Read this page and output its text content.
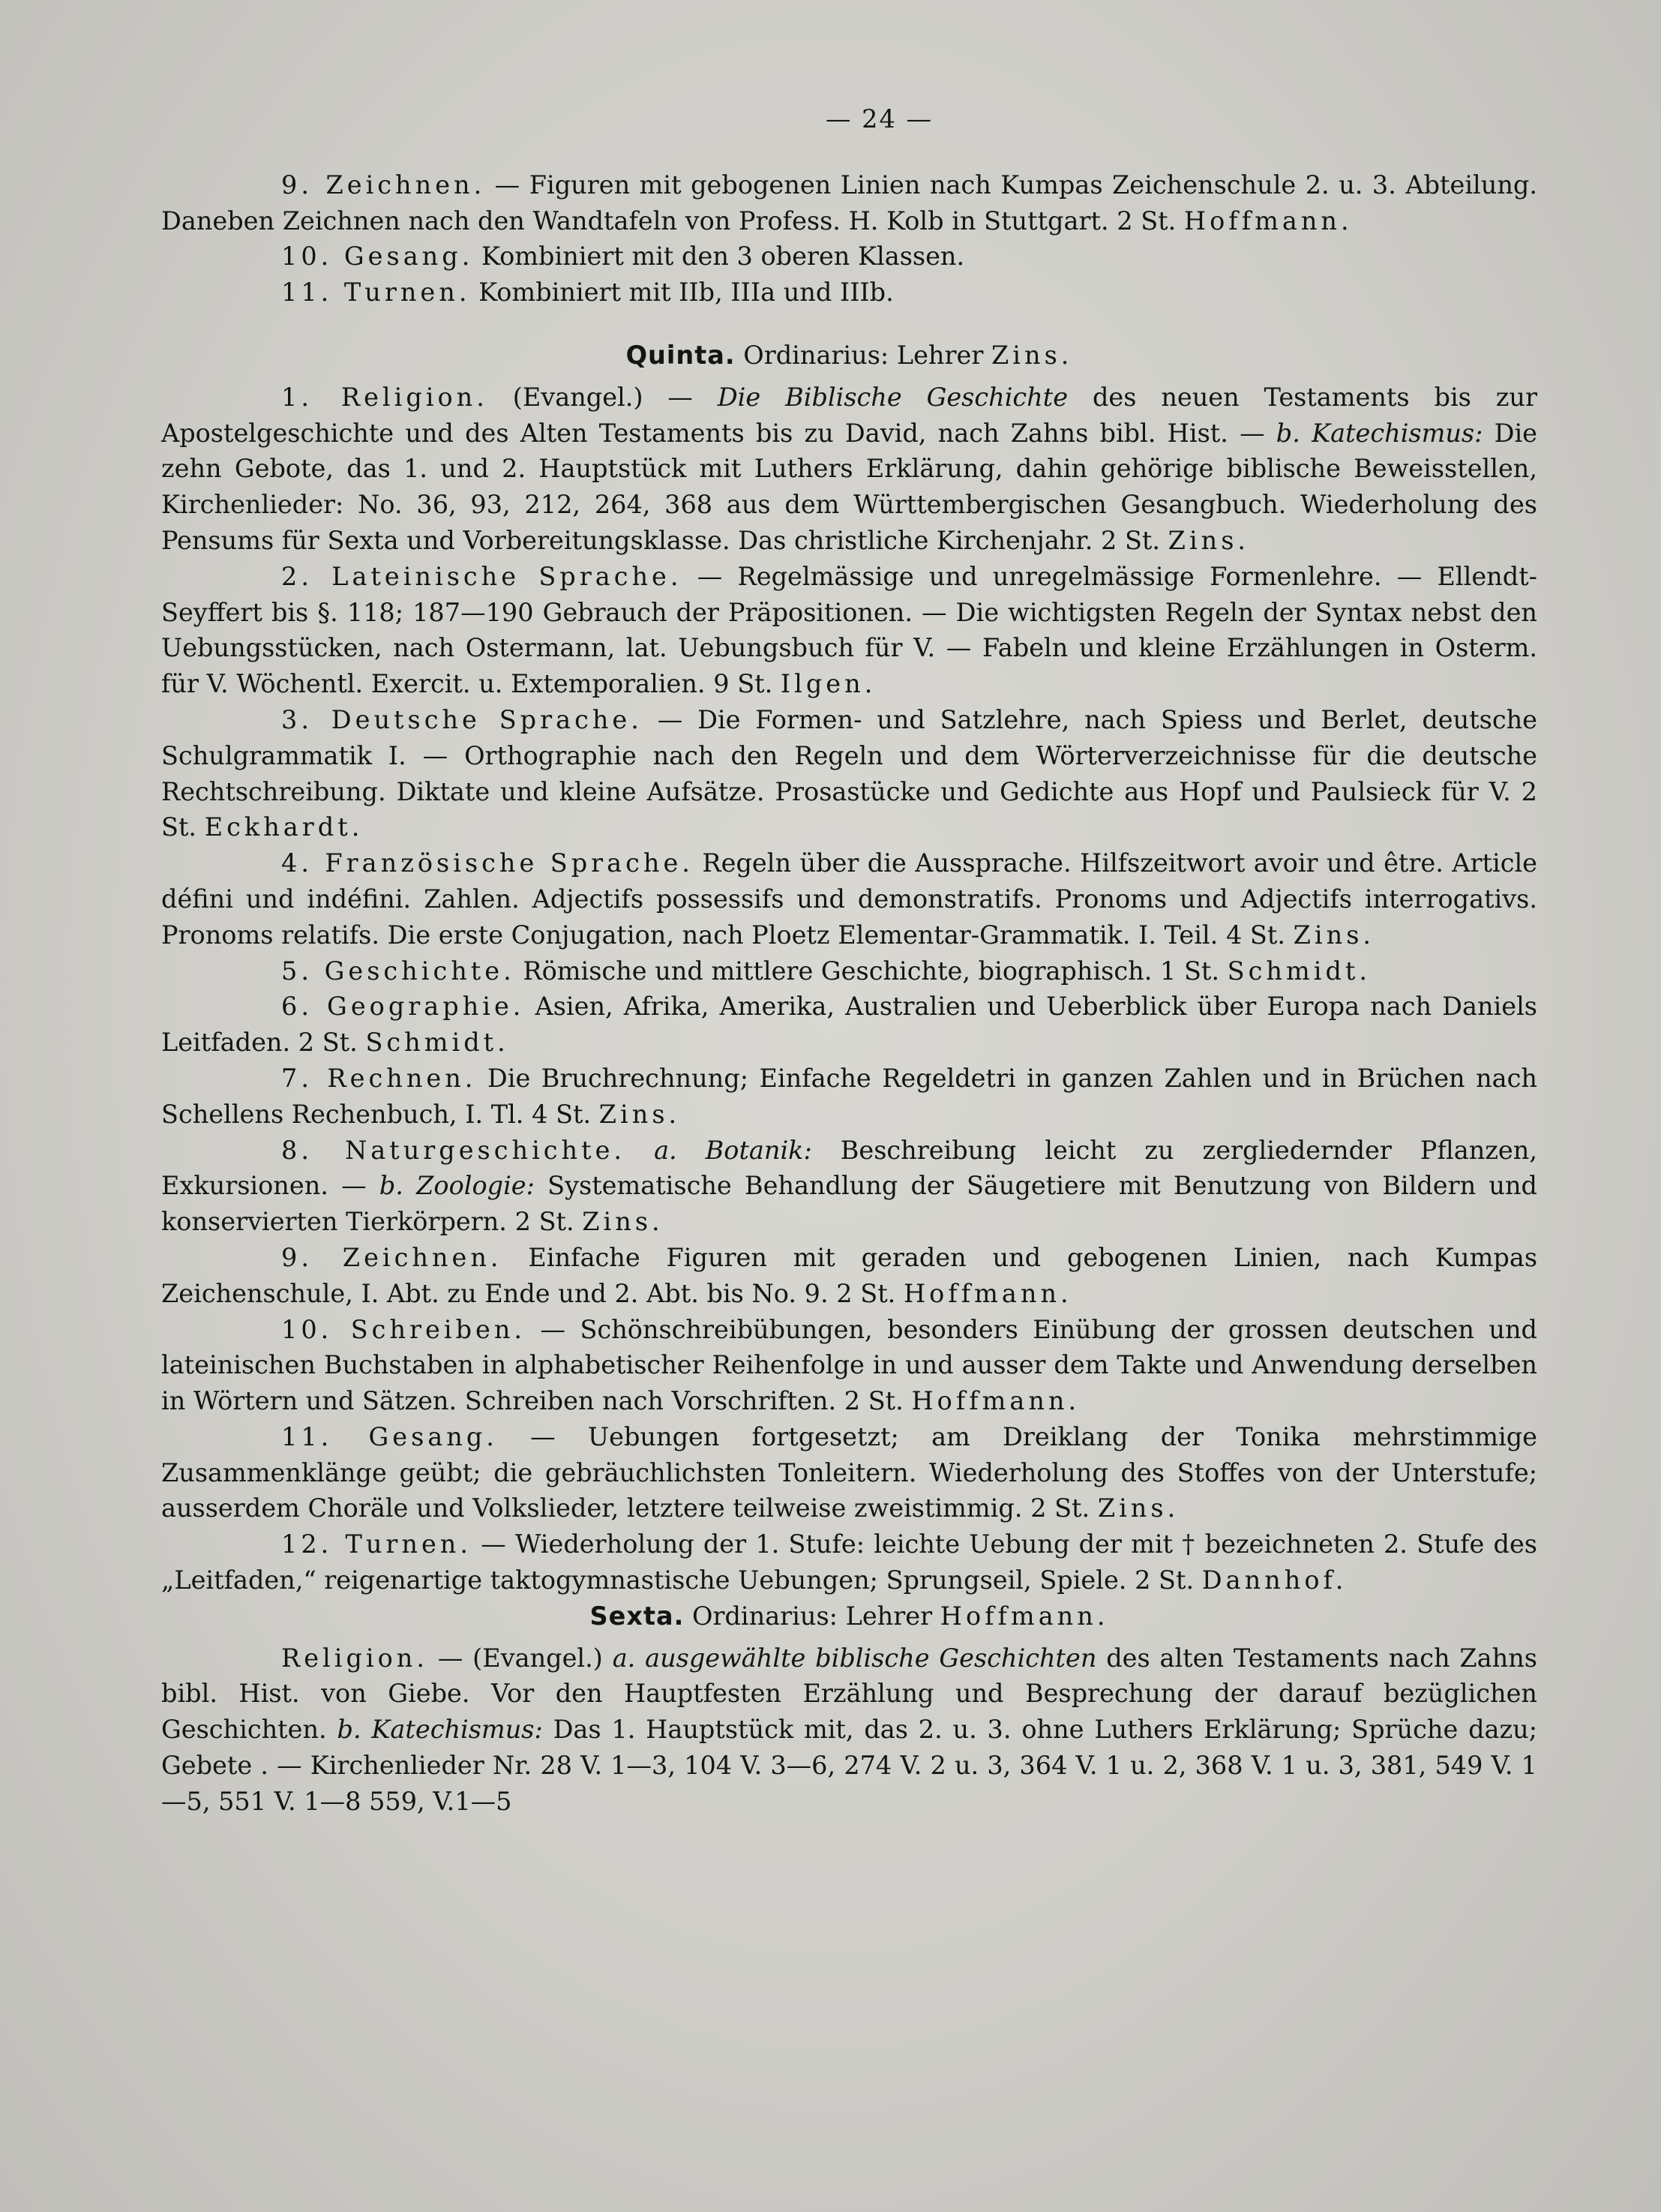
— 24 —

9. Zeichnen. — Figuren mit gebogenen Linien nach Kumpas Zeichenschule 2. u. 3. Abteilung. Daneben Zeichnen nach den Wandtafeln von Profess. H. Kolb in Stuttgart. 2 St. Hoffmann.

10. Gesang. Kombiniert mit den 3 oberen Klassen.

11. Turnen. Kombiniert mit IIb, IIIa und IIIb.

Quinta. Ordinarius: Lehrer Zins.

1. Religion. (Evangel.) — Die Biblische Geschichte des neuen Testaments bis zur Apostelgeschichte und des Alten Testaments bis zu David, nach Zahns bibl. Hist. — b. Katechismus: Die zehn Gebote, das 1. und 2. Hauptstück mit Luthers Erklärung, dahin gehörige biblische Beweisstellen, Kirchenlieder: No. 36, 93, 212, 264, 368 aus dem Württembergischen Gesangbuch. Wiederholung des Pensums für Sexta und Vorbereitungsklasse. Das christliche Kirchenjahr. 2 St. Zins.

2. Lateinische Sprache. — Regelmässige und unregelmässige Formenlehre. — Ellendt-Seyffert bis §. 118; 187—190 Gebrauch der Präpositionen. — Die wichtigsten Regeln der Syntax nebst den Uebungsstücken, nach Ostermann, lat. Uebungsbuch für V. — Fabeln und kleine Erzählungen in Osterm. für V. Wöchentl. Exercit. u. Extemporalien. 9 St. Ilgen.

3. Deutsche Sprache. — Die Formen- und Satzlehre, nach Spiess und Berlet, deutsche Schulgrammatik I. — Orthographie nach den Regeln und dem Wörterverzeichnisse für die deutsche Rechtschreibung. Diktate und kleine Aufsätze. Prosastücke und Gedichte aus Hopf und Paulsieck für V. 2 St. Eckhardt.

4. Französische Sprache. Regeln über die Aussprache. Hilfszeitwort avoir und être. Article défini und indéfini. Zahlen. Adjectifs possessifs und demonstratifs. Pronoms und Adjectifs interrogativs. Pronoms relatifs. Die erste Conjugation, nach Ploetz Elementar-Grammatik. I. Teil. 4 St. Zins.

5. Geschichte. Römische und mittlere Geschichte, biographisch. 1 St. Schmidt.

6. Geographie. Asien, Afrika, Amerika, Australien und Ueberblick über Europa nach Daniels Leitfaden. 2 St. Schmidt.

7. Rechnen. Die Bruchrechnung; Einfache Regeldetri in ganzen Zahlen und in Brüchen nach Schellens Rechenbuch, I. Tl. 4 St. Zins.

8. Naturgeschichte. a. Botanik: Beschreibung leicht zu zergliedernder Pflanzen, Exkursionen. — b. Zoologie: Systematische Behandlung der Säugetiere mit Benutzung von Bildern und konservierten Tierkörpern. 2 St. Zins.

9. Zeichnen. Einfache Figuren mit geraden und gebogenen Linien, nach Kumpas Zeichenschule, I. Abt. zu Ende und 2. Abt. bis No. 9. 2 St. Hoffmann.

10. Schreiben. — Schönschreibübungen, besonders Einübung der grossen deutschen und lateinischen Buchstaben in alphabetischer Reihenfolge in und ausser dem Takte und Anwendung derselben in Wörtern und Sätzen. Schreiben nach Vorschriften. 2 St. Hoffmann.

11. Gesang. — Uebungen fortgesetzt; am Dreiklang der Tonika mehrstimmige Zusammenklänge geübt; die gebräuchlichsten Tonleitern. Wiederholung des Stoffes von der Unterstufe; ausserdem Choräle und Volkslieder, letztere teilweise zweistimmig. 2 St. Zins.

12. Turnen. — Wiederholung der 1. Stufe: leichte Uebung der mit † bezeichneten 2. Stufe des „Leitfaden,“ reigenartige taktogymnastische Uebungen; Sprungseil, Spiele. 2 St. Dannhof.

Sexta. Ordinarius: Lehrer Hoffmann.

Religion. — (Evangel.) a. ausgewählte biblische Geschichten des alten Testaments nach Zahns bibl. Hist. von Giebe. Vor den Hauptfesten Erzählung und Besprechung der darauf bezüglichen Geschichten. b. Katechismus: Das 1. Hauptstück mit, das 2. u. 3. ohne Luthers Erklärung; Sprüche dazu; Gebete . — Kirchenlieder Nr. 28 V. 1—3, 104 V. 3—6, 274 V. 2 u. 3, 364 V. 1 u. 2, 368 V. 1 u. 3, 381, 549 V. 1—5, 551 V. 1—8 559, V.1—5
